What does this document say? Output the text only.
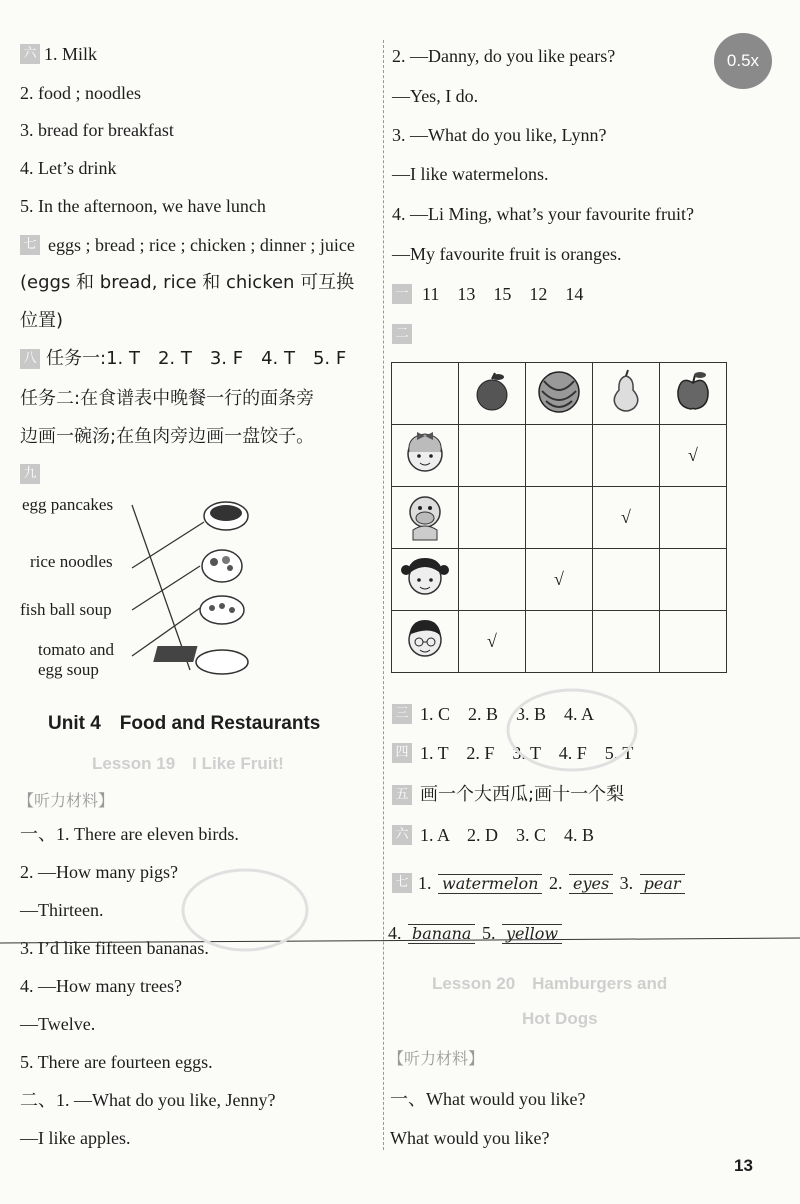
0.5x
六 1. Milk
2. food ; noodles
3. bread for breakfast
4. Let’s drink
5. In the afternoon, we have lunch
七 eggs ; bread ; rice ; chicken ; dinner ; juice
(eggs 和 bread, rice 和 chicken 可互换
位置)
八 任务一:1. T　2. T　3. F　4. T　5. F
任务二:在食谱表中晚餐一行的面条旁
边画一碗汤;在鱼肉旁边画一盘饺子。
九
egg pancakes
rice noodles
fish ball soup
tomato and
egg soup
Unit 4　Food and Restaurants
Lesson 19　I Like Fruit!
【听力材料】
一、1. There are eleven birds.
2. —How many pigs?
—Thirteen.
3. I’d like fifteen bananas.
4. —How many trees?
—Twelve.
5. There are fourteen eggs.
二、1. —What do you like, Jenny?
—I like apples.
2. —Danny, do you like pears?
—Yes, I do.
3. —What do you like, Lynn?
—I like watermelons.
4. —Li Ming, what’s your favourite fruit?
—My favourite fruit is oranges.
一 11　13　15　12　14
二

				√
			√	
		√		
	√			
三 1. C　2. B　3. B　4. A
四 1. T　2. F　3. T　4. F　5. T
五 画一个大西瓜;画十一个梨
六 1. A　2. D　3. C　4. B
七 1. watermelon 2. eyes 3. pear
4. banana 5. yellow
Lesson 20　Hamburgers and
Hot Dogs
【听力材料】
一、What would you like?
What would you like?
13
